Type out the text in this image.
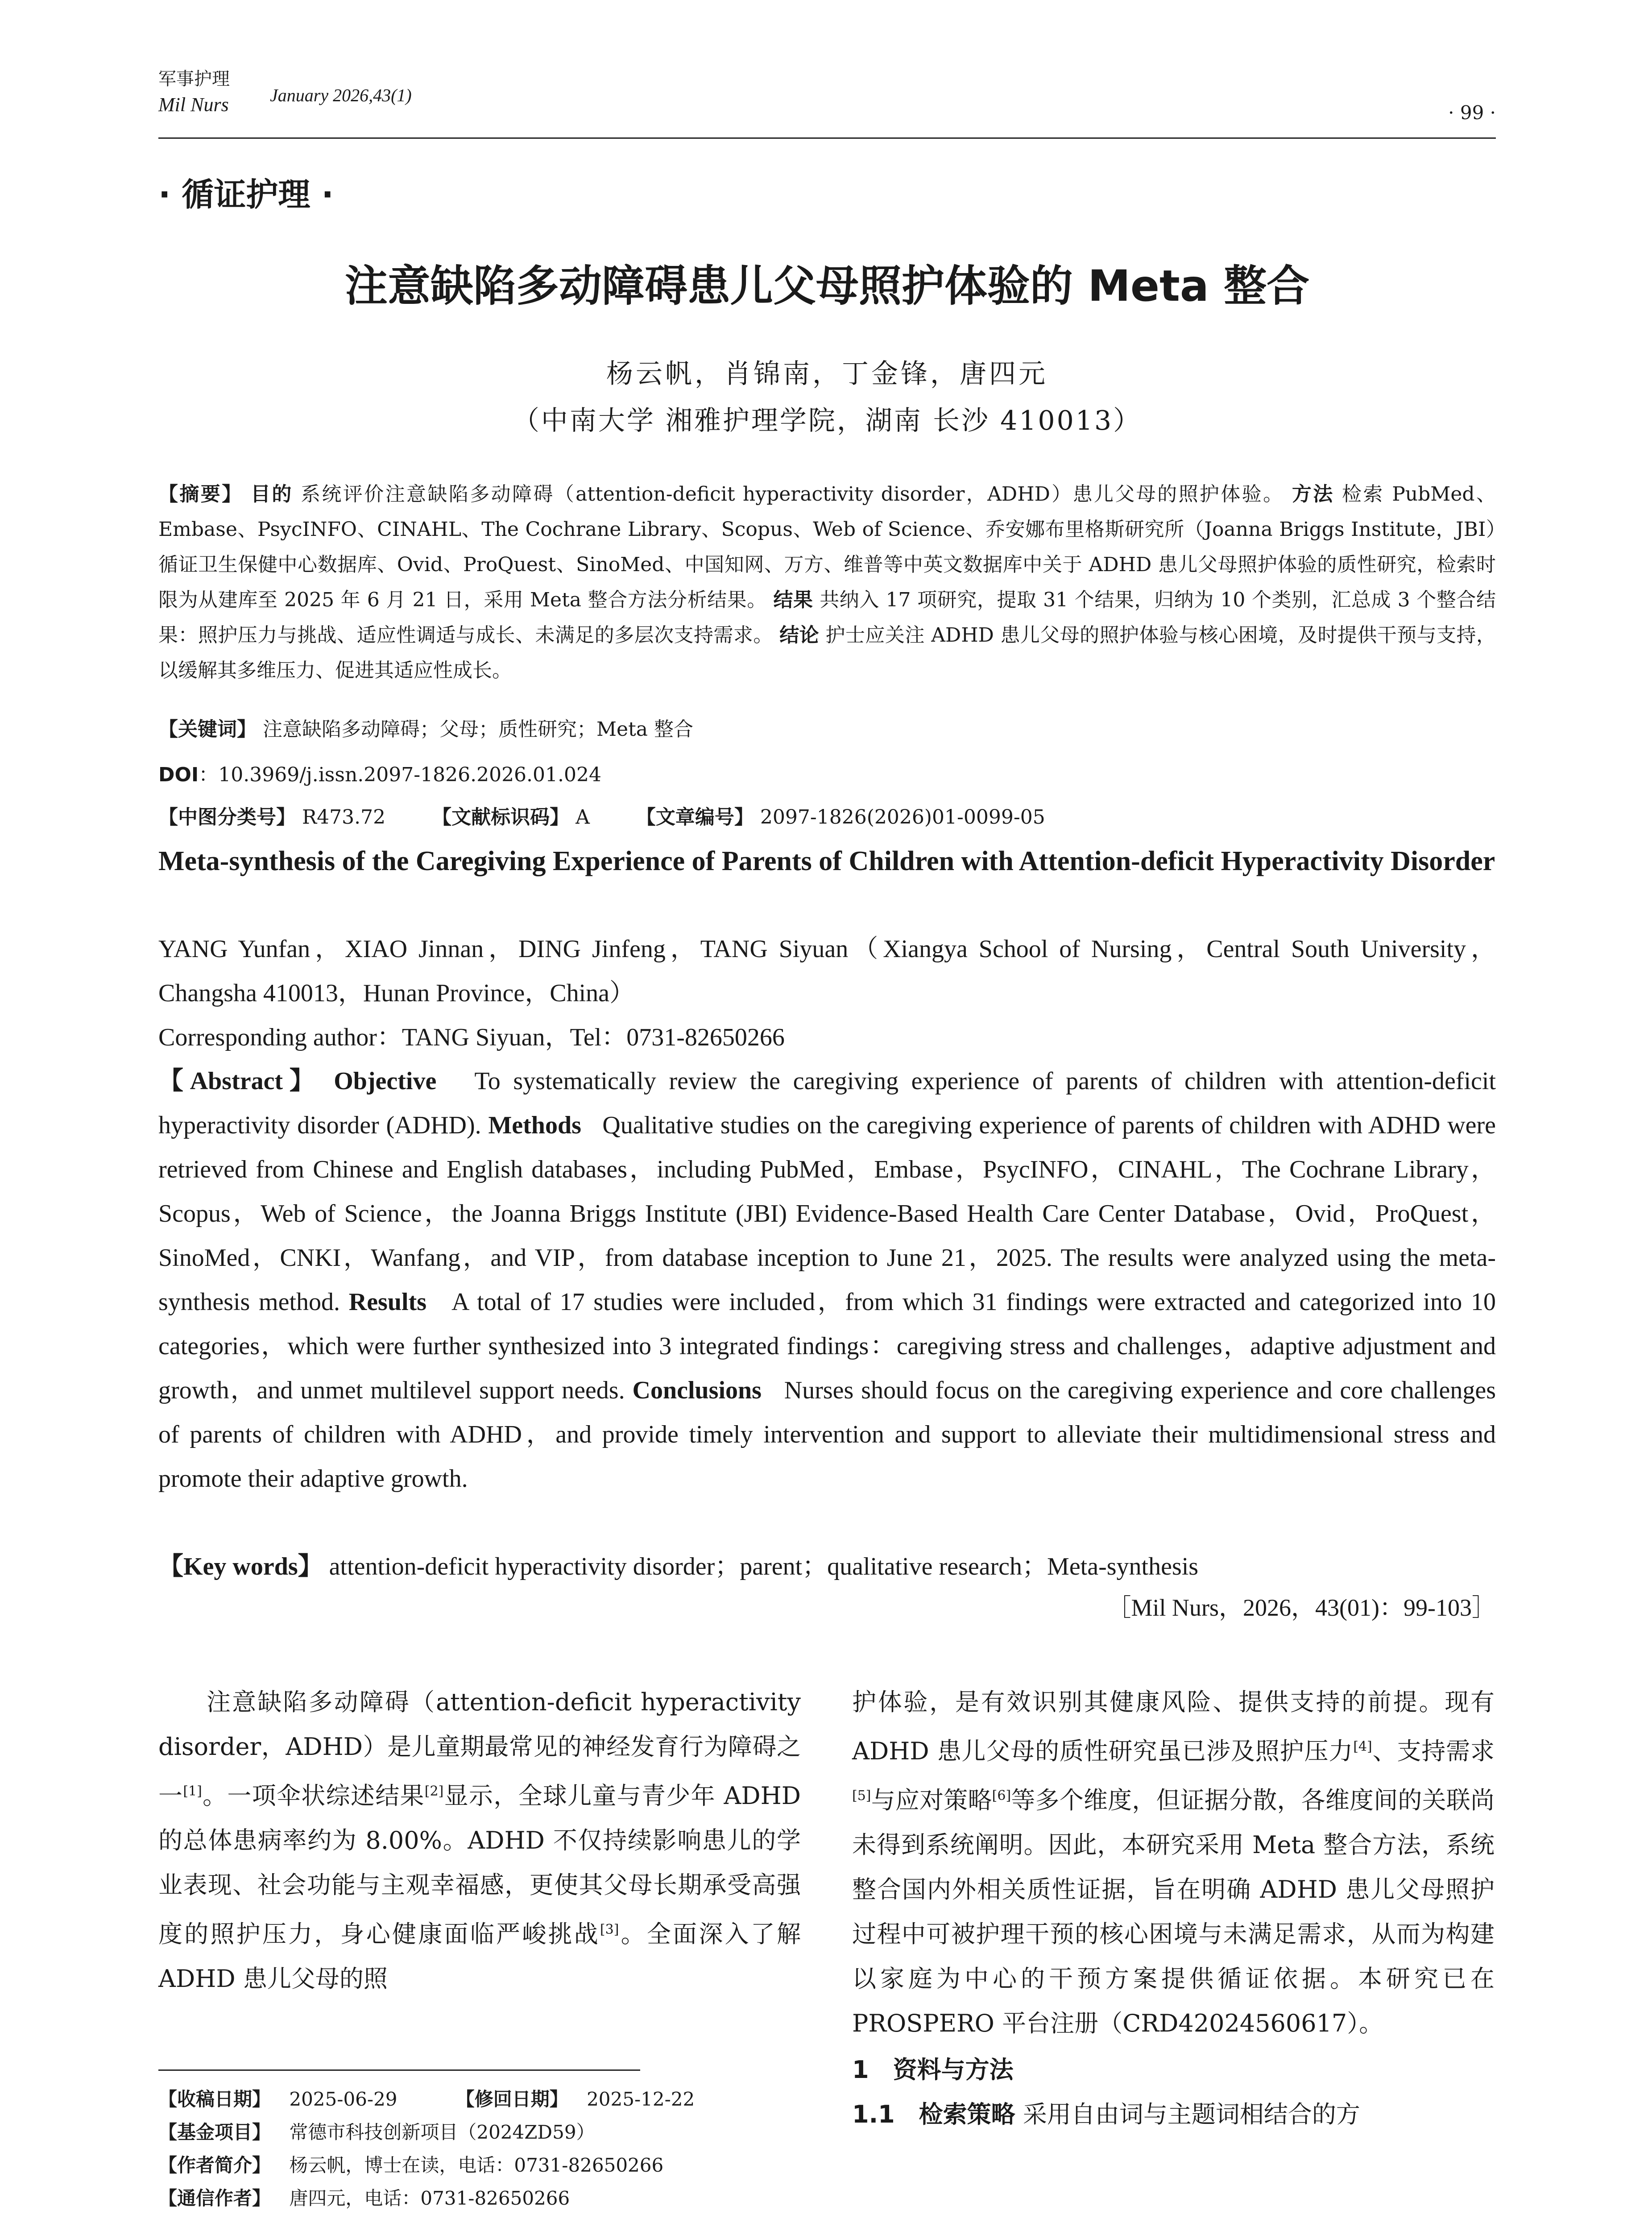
军事护理
Mil Nurs January 2026,43(1)
· 99 ·
· 循证护理 ·
注意缺陷多动障碍患儿父母照护体验的 Meta 整合
杨云帆，肖锦南，丁金锋，唐四元
（中南大学 湘雅护理学院，湖南 长沙 410013）
【摘要】 目的 系统评价注意缺陷多动障碍（attention-deficit hyperactivity disorder，ADHD）患儿父母的照护体验。 方法 检索 PubMed、Embase、PsycINFO、CINAHL、The Cochrane Library、Scopus、Web of Science、乔安娜布里格斯研究所（Joanna Briggs Institute，JBI）循证卫生保健中心数据库、Ovid、ProQuest、SinoMed、中国知网、万方、维普等中英文数据库中关于 ADHD 患儿父母照护体验的质性研究，检索时限为从建库至 2025 年 6 月 21 日，采用 Meta 整合方法分析结果。 结果 共纳入 17 项研究，提取 31 个结果，归纳为 10 个类别，汇总成 3 个整合结果：照护压力与挑战、适应性调适与成长、未满足的多层次支持需求。 结论 护士应关注 ADHD 患儿父母的照护体验与核心困境，及时提供干预与支持，以缓解其多维压力、促进其适应性成长。
【关键词】 注意缺陷多动障碍；父母；质性研究；Meta 整合
DOI：10.3969/j.issn.2097-1826.2026.01.024
【中图分类号】 R473.72 【文献标识码】 A 【文章编号】 2097-1826(2026)01-0099-05
Meta-synthesis of the Caregiving Experience of Parents of Children with Attention-deficit Hyperactivity Disorder
YANG Yunfan，XIAO Jinnan，DING Jinfeng，TANG Siyuan（Xiangya School of Nursing，Central South University，Changsha 410013，Hunan Province，China）
Corresponding author：TANG Siyuan，Tel：0731-82650266
【Abstract】 Objective To systematically review the caregiving experience of parents of children with attention-deficit hyperactivity disorder (ADHD). Methods Qualitative studies on the caregiving experience of parents of children with ADHD were retrieved from Chinese and English databases，including PubMed，Embase，PsycINFO，CINAHL，The Cochrane Library，Scopus，Web of Science，the Joanna Briggs Institute (JBI) Evidence-Based Health Care Center Database，Ovid，ProQuest，SinoMed，CNKI，Wanfang，and VIP，from database inception to June 21，2025. The results were analyzed using the meta-synthesis method. Results A total of 17 studies were included，from which 31 findings were extracted and categorized into 10 categories，which were further synthesized into 3 integrated findings：caregiving stress and challenges，adaptive adjustment and growth，and unmet multilevel support needs. Conclusions Nurses should focus on the caregiving experience and core challenges of parents of children with ADHD，and provide timely intervention and support to alleviate their multidimensional stress and promote their adaptive growth.
【Key words】 attention-deficit hyperactivity disorder；parent；qualitative research；Meta-synthesis
［Mil Nurs，2026，43(01)：99-103］
注意缺陷多动障碍（attention-deficit hyperactivity disorder，ADHD）是儿童期最常见的神经发育行为障碍之一[1]。一项伞状综述结果[2]显示，全球儿童与青少年 ADHD 的总体患病率约为 8.00%。ADHD 不仅持续影响患儿的学业表现、社会功能与主观幸福感，更使其父母长期承受高强度的照护压力，身心健康面临严峻挑战[3]。全面深入了解 ADHD 患儿父母的照
护体验，是有效识别其健康风险、提供支持的前提。现有 ADHD 患儿父母的质性研究虽已涉及照护压力[4]、支持需求[5]与应对策略[6]等多个维度，但证据分散，各维度间的关联尚未得到系统阐明。因此，本研究采用 Meta 整合方法，系统整合国内外相关质性证据，旨在明确 ADHD 患儿父母照护过程中可被护理干预的核心困境与未满足需求，从而为构建以家庭为中心的干预方案提供循证依据。本研究已在 PROSPERO 平台注册（CRD42024560617）。
1　资料与方法
1.1　检索策略 采用自由词与主题词相结合的方
【收稿日期】 2025-06-29	【修回日期】 2025-12-22
【基金项目】 常德市科技创新项目（2024ZD59）
【作者简介】 杨云帆，博士在读，电话：0731-82650266
【通信作者】 唐四元，电话：0731-82650266
